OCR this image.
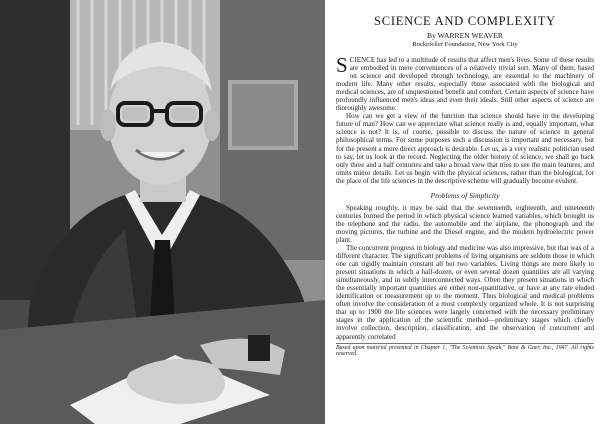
SCIENCE AND COMPLEXITY
By WARREN WEAVER
Rockefeller Foundation, New York City

SCIENCE has led to a multitude of results that affect men's lives. Some of these results are embodied in mere conveniences of a relatively trivial sort. Many of them, based on science and developed through technology, are essential to the machinery of modern life. Many other results, especially those associated with the biological and medical sciences, are of unquestioned benefit and comfort. Certain aspects of science have profoundly influenced men's ideas and even their ideals. Still other aspects of science are thoroughly awesome.

How can we get a view of the function that science should have in the developing future of man? How can we appreciate what science really is and, equally important, what science is not? It is, of course, possible to discuss the nature of science in general philosophical terms. For some purposes such a discussion is important and necessary, but for the present a more direct approach is desirable. Let us, as a very realistic politician used to say, let us look at the record. Neglecting the older history of science, we shall go back only three and a half centuries and take a broad view that tries to see the main features, and omits minor details. Let us begin with the physical sciences, rather than the biological, for the place of the life sciences in the descriptive scheme will gradually become evident.

Problems of Simplicity

Speaking roughly, it may be said that the seventeenth, eighteenth, and nineteenth centuries formed the period in which physical science learned variables, which brought us the telephone and the radio, the automobile and the airplane, the phonograph and the moving pictures, the turbine and the Diesel engine, and the modern hydroelectric power plant.

The concurrent progress in biology and medicine was also impressive, but that was of a different character. The significant problems of living organisms are seldom those in which one can rigidly maintain constant all but two variables. Living things are more likely to present situations in which a half-dozen, or even several dozen quantities are all varying simultaneously, and in subtly interconnected ways. Often they present situations in which the essentially important quantities are either non-quantitative, or have at any rate eluded identification or measurement up to the moment. Thus biological and medical problems often involve the consideration of a most complexly organized whole. It is not surprising that up to 1900 the life sciences were largely concerned with the necessary preliminary stages in the application of the scientific method—preliminary stages which chiefly involve collection, description, classification, and the observation of concurrent and apparently correlated

Based upon material presented in Chapter 1, "The Scientists Speak," Boni & Gaer, Inc., 1947. All rights reserved.
